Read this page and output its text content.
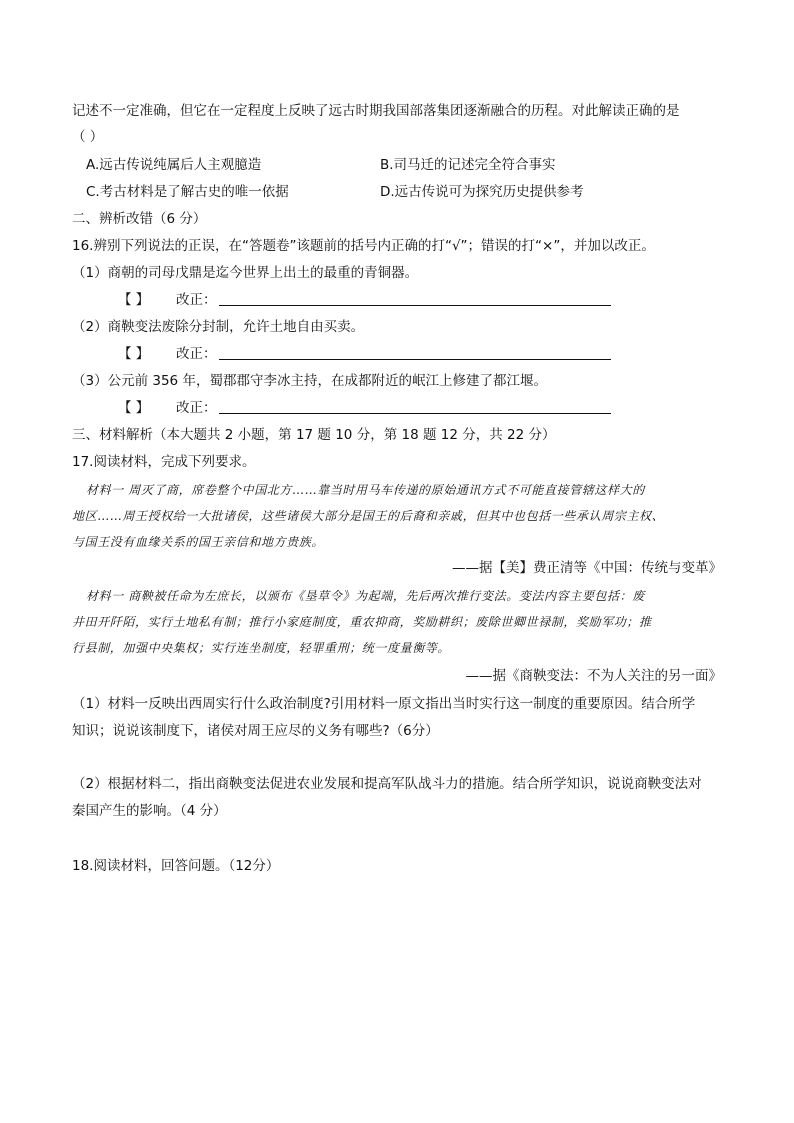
记述不一定准确，但它在一定程度上反映了远古时期我国部落集团逐渐融合的历程。对此解读正确的是
（ ）
A.远古传说纯属后人主观臆造	B.司马迁的记述完全符合事实
C.考古材料是了解古史的唯一依据	D.远古传说可为探究历史提供参考
二、辨析改错（6 分）
16.辨别下列说法的正误，在“答题卷”该题前的括号内正确的打“√”；错误的打“×”，并加以改正。
（1）商朝的司母戊鼎是迄今世界上出土的最重的青铜器。
【 】 改正：
（2）商鞅变法废除分封制，允许土地自由买卖。
【 】 改正：
（3）公元前 356 年，蜀郡郡守李冰主持，在成都附近的岷江上修建了都江堰。
【 】 改正：
三、材料解析（本大题共 2 小题，第 17 题 10 分，第 18 题 12 分，共 22 分）
17.阅读材料，完成下列要求。
材料一 周灭了商，席卷整个中国北方……靠当时用马车传递的原始通讯方式不可能直接管辖这样大的
地区……周王授权给一大批诸侯，这些诸侯大部分是国王的后裔和亲戚，但其中也包括一些承认周宗主权、
与国王没有血缘关系的国王亲信和地方贵族。
——据【美】费正清等《中国：传统与变革》
材料一 商鞅被任命为左庶长，以颁布《垦草令》为起端，先后两次推行变法。变法内容主要包括：废
井田开阡陌，实行土地私有制；推行小家庭制度，重农抑商，奖励耕织；废除世卿世禄制，奖励军功；推
行县制，加强中央集权；实行连坐制度，轻罪重刑；统一度量衡等。
——据《商鞅变法：不为人关注的另一面》
（1）材料一反映出西周实行什么政治制度?引用材料一原文指出当时实行这一制度的重要原因。结合所学
知识；说说该制度下，诸侯对周王应尽的义务有哪些?（6分）
（2）根据材料二，指出商鞅变法促进农业发展和提高军队战斗力的措施。结合所学知识，说说商鞅变法对
秦国产生的影响。（4 分）
18.阅读材料，回答问题。（12分）
